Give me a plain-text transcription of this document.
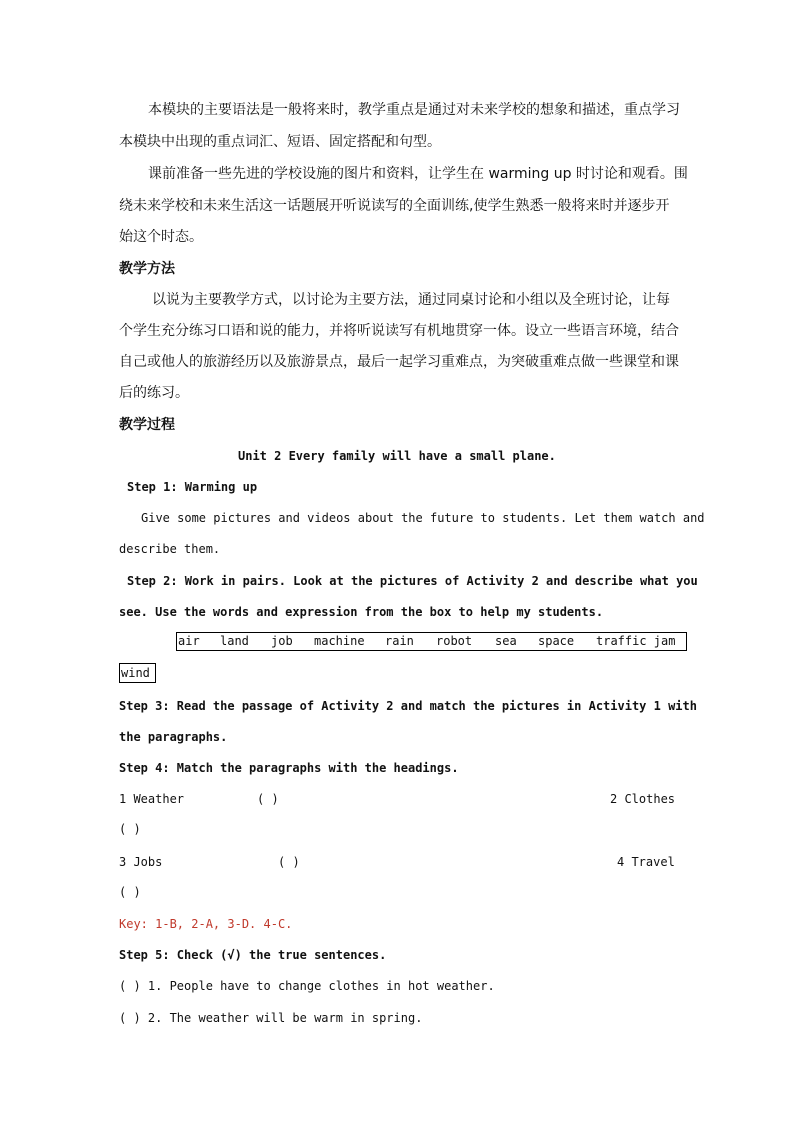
本模块的主要语法是一般将来时，教学重点是通过对未来学校的想象和描述，重点学习
本模块中出现的重点词汇、短语、固定搭配和句型。
课前准备一些先进的学校设施的图片和资料，让学生在 warming up 时讨论和观看。围
绕未来学校和未来生活这一话题展开听说读写的全面训练,使学生熟悉一般将来时并逐步开
始这个时态。
教学方法
以说为主要教学方式，以讨论为主要方法，通过同桌讨论和小组以及全班讨论，让每
个学生充分练习口语和说的能力，并将听说读写有机地贯穿一体。设立一些语言环境，结合
自己或他人的旅游经历以及旅游景点，最后一起学习重难点，为突破重难点做一些课堂和课
后的练习。
教学过程
Unit 2 Every family will have a small plane.
Step 1: Warming up
Give some pictures and videos about the future to students. Let them watch and
describe them.
Step 2: Work in pairs. Look at the pictures of Activity 2 and describe what you
see. Use the words and expression from the box to help my students.
air land job machine rain robot sea space traffic jam
wind
Step 3: Read the passage of Activity 2 and match the pictures in Activity 1 with
the paragraphs.
Step 4: Match the paragraphs with the headings.
1 Weather	( )	2 Clothes
( )
3 Jobs	( )	4 Travel
( )
Key: 1-B, 2-A, 3-D. 4-C.
Step 5: Check (√) the true sentences.
( ) 1. People have to change clothes in hot weather.
( ) 2. The weather will be warm in spring.
